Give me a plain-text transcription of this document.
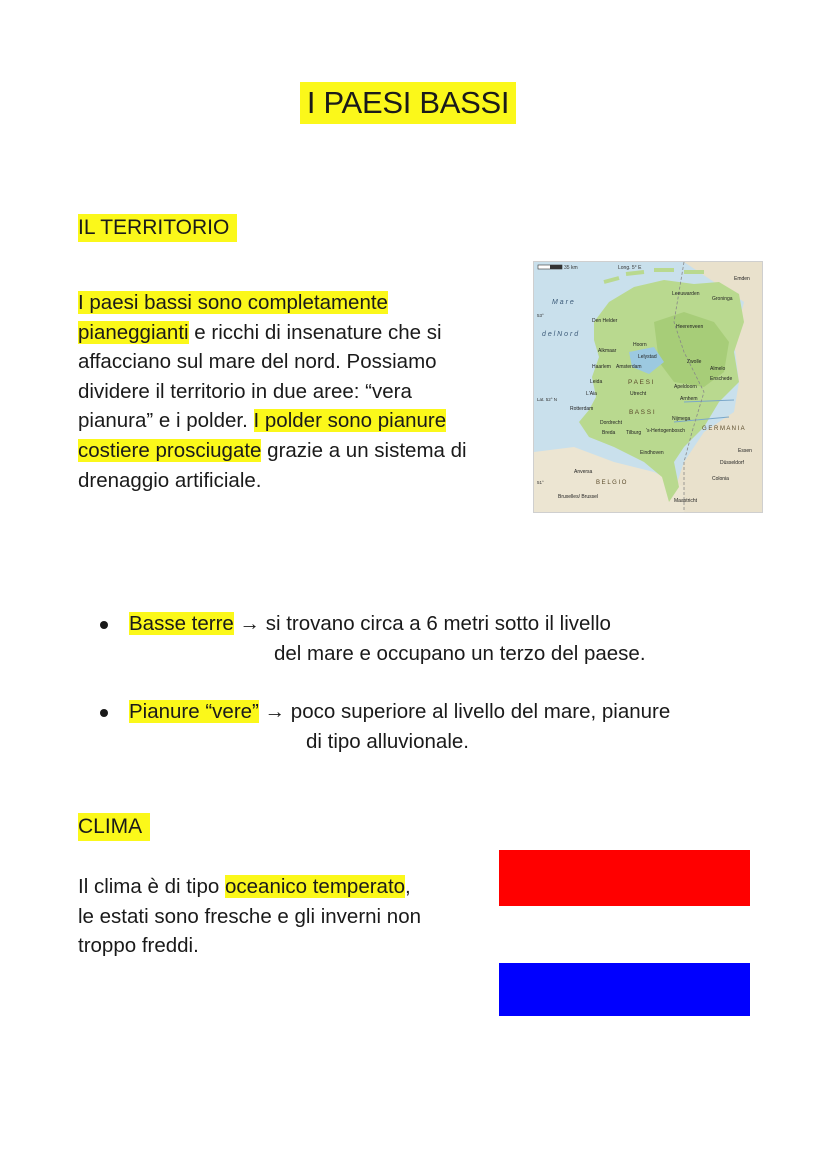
I PAESI BASSI
IL TERRITORIO
I paesi bassi sono completamente
pianeggianti e ricchi di insenature che si
affacciano sul mare del nord. Possiamo
dividere il territorio in due aree: “vera
pianura” e i polder. I polder sono pianure
costiere prosciugate grazie a un sistema di
drenaggio artificiale.
35 km	Long. 5° E
M a r e
d e l N o r d
P A E S I
B A S S I
G E R M A N I A
B E L G I O
53°
Lat. 52° N
51°
Groninga
Leeuwarden
Emden
Den Helder
Heerenveen
Alkmaar
Hoorn
Lelystad
Zwolle
Almelo
Enschede
Haarlem Amsterdam
Leida
L'Aia	Utrecht
Apeldoorn
Arnhem
Rotterdam
Dordrecht
Nijmega
Breda Tilburg 's-Hertogenbosch
Eindhoven
Anversa
Bruxelles/ Brussel
Essen
Düsseldorf
Colonia
Maastricht
Basse terre → si trovano circa a 6 metri sotto il livello
del mare e occupano un terzo del paese.
Pianure “vere” → poco superiore al livello del mare, pianure
di tipo alluvionale.
CLIMA
Il clima è di tipo oceanico temperato,
le estati sono fresche e gli inverni non
troppo freddi.
